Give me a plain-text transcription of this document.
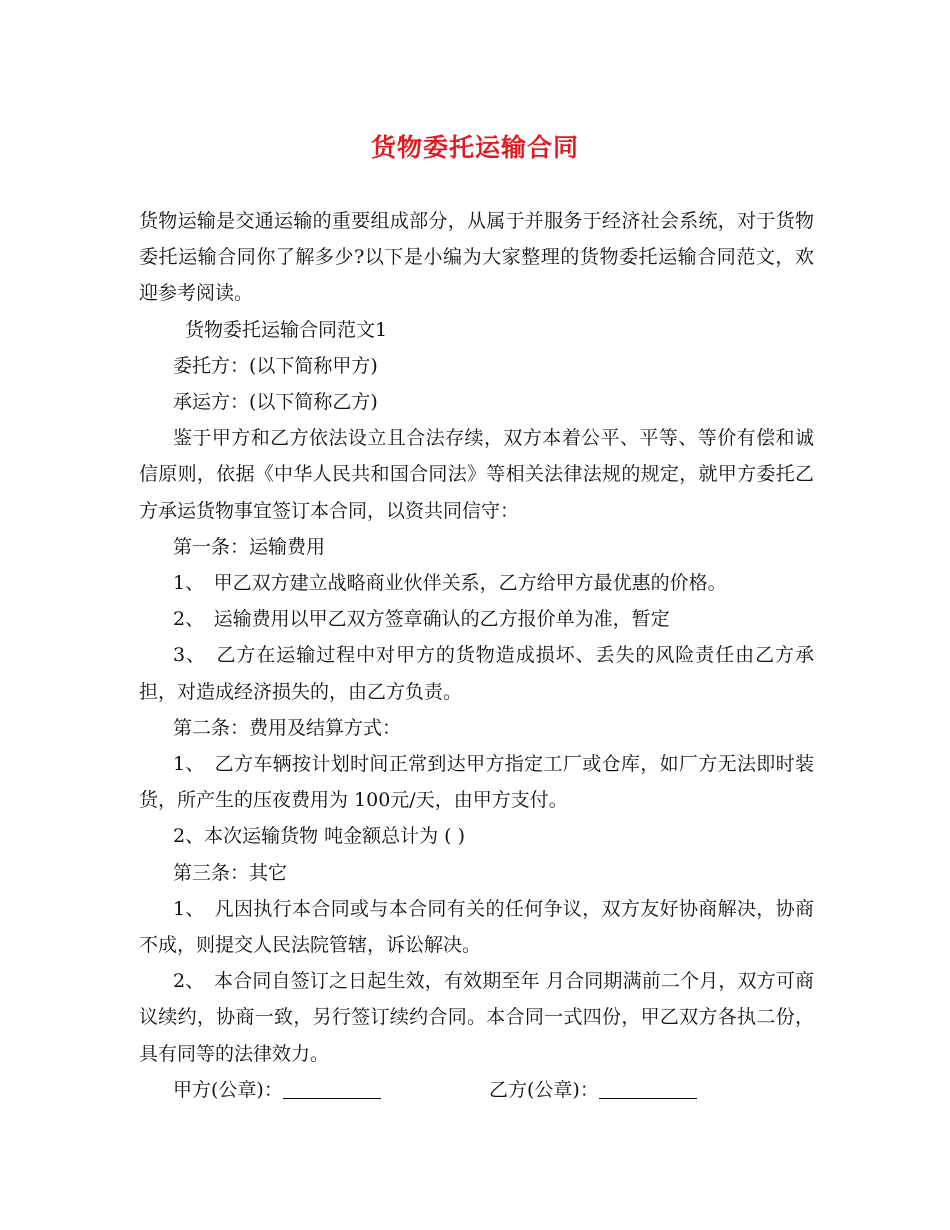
货物委托运输合同

货物运输是交通运输的重要组成部分，从属于并服务于经济社会系统，对于货物委托运输合同你了解多少?以下是小编为大家整理的货物委托运输合同范文，欢迎参考阅读。

货物委托运输合同范文1

委托方：(以下简称甲方)

承运方：(以下简称乙方)

鉴于甲方和乙方依法设立且合法存续，双方本着公平、平等、等价有偿和诚信原则，依据《中华人民共和国合同法》等相关法律法规的规定，就甲方委托乙方承运货物事宜签订本合同，以资共同信守：

第一条：运输费用

1、　甲乙双方建立战略商业伙伴关系，乙方给甲方最优惠的价格。

2、　运输费用以甲乙双方签章确认的乙方报价单为准，暂定

3、　乙方在运输过程中对甲方的货物造成损坏、丢失的风险责任由乙方承担，对造成经济损失的，由乙方负责。

第二条：费用及结算方式：

1、　乙方车辆按计划时间正常到达甲方指定工厂或仓库，如厂方无法即时装货，所产生的压夜费用为 100元/天，由甲方支付。

2、本次运输货物 吨金额总计为 ( )

第三条：其它

1、　凡因执行本合同或与本合同有关的任何争议，双方友好协商解决，协商不成，则提交人民法院管辖，诉讼解决。

2、　本合同自签订之日起生效，有效期至年 月合同期满前二个月，双方可商议续约，协商一致，另行签订续约合同。本合同一式四份，甲乙双方各执二份，具有同等的法律效力。

甲方(公章)：	乙方(公章)：
